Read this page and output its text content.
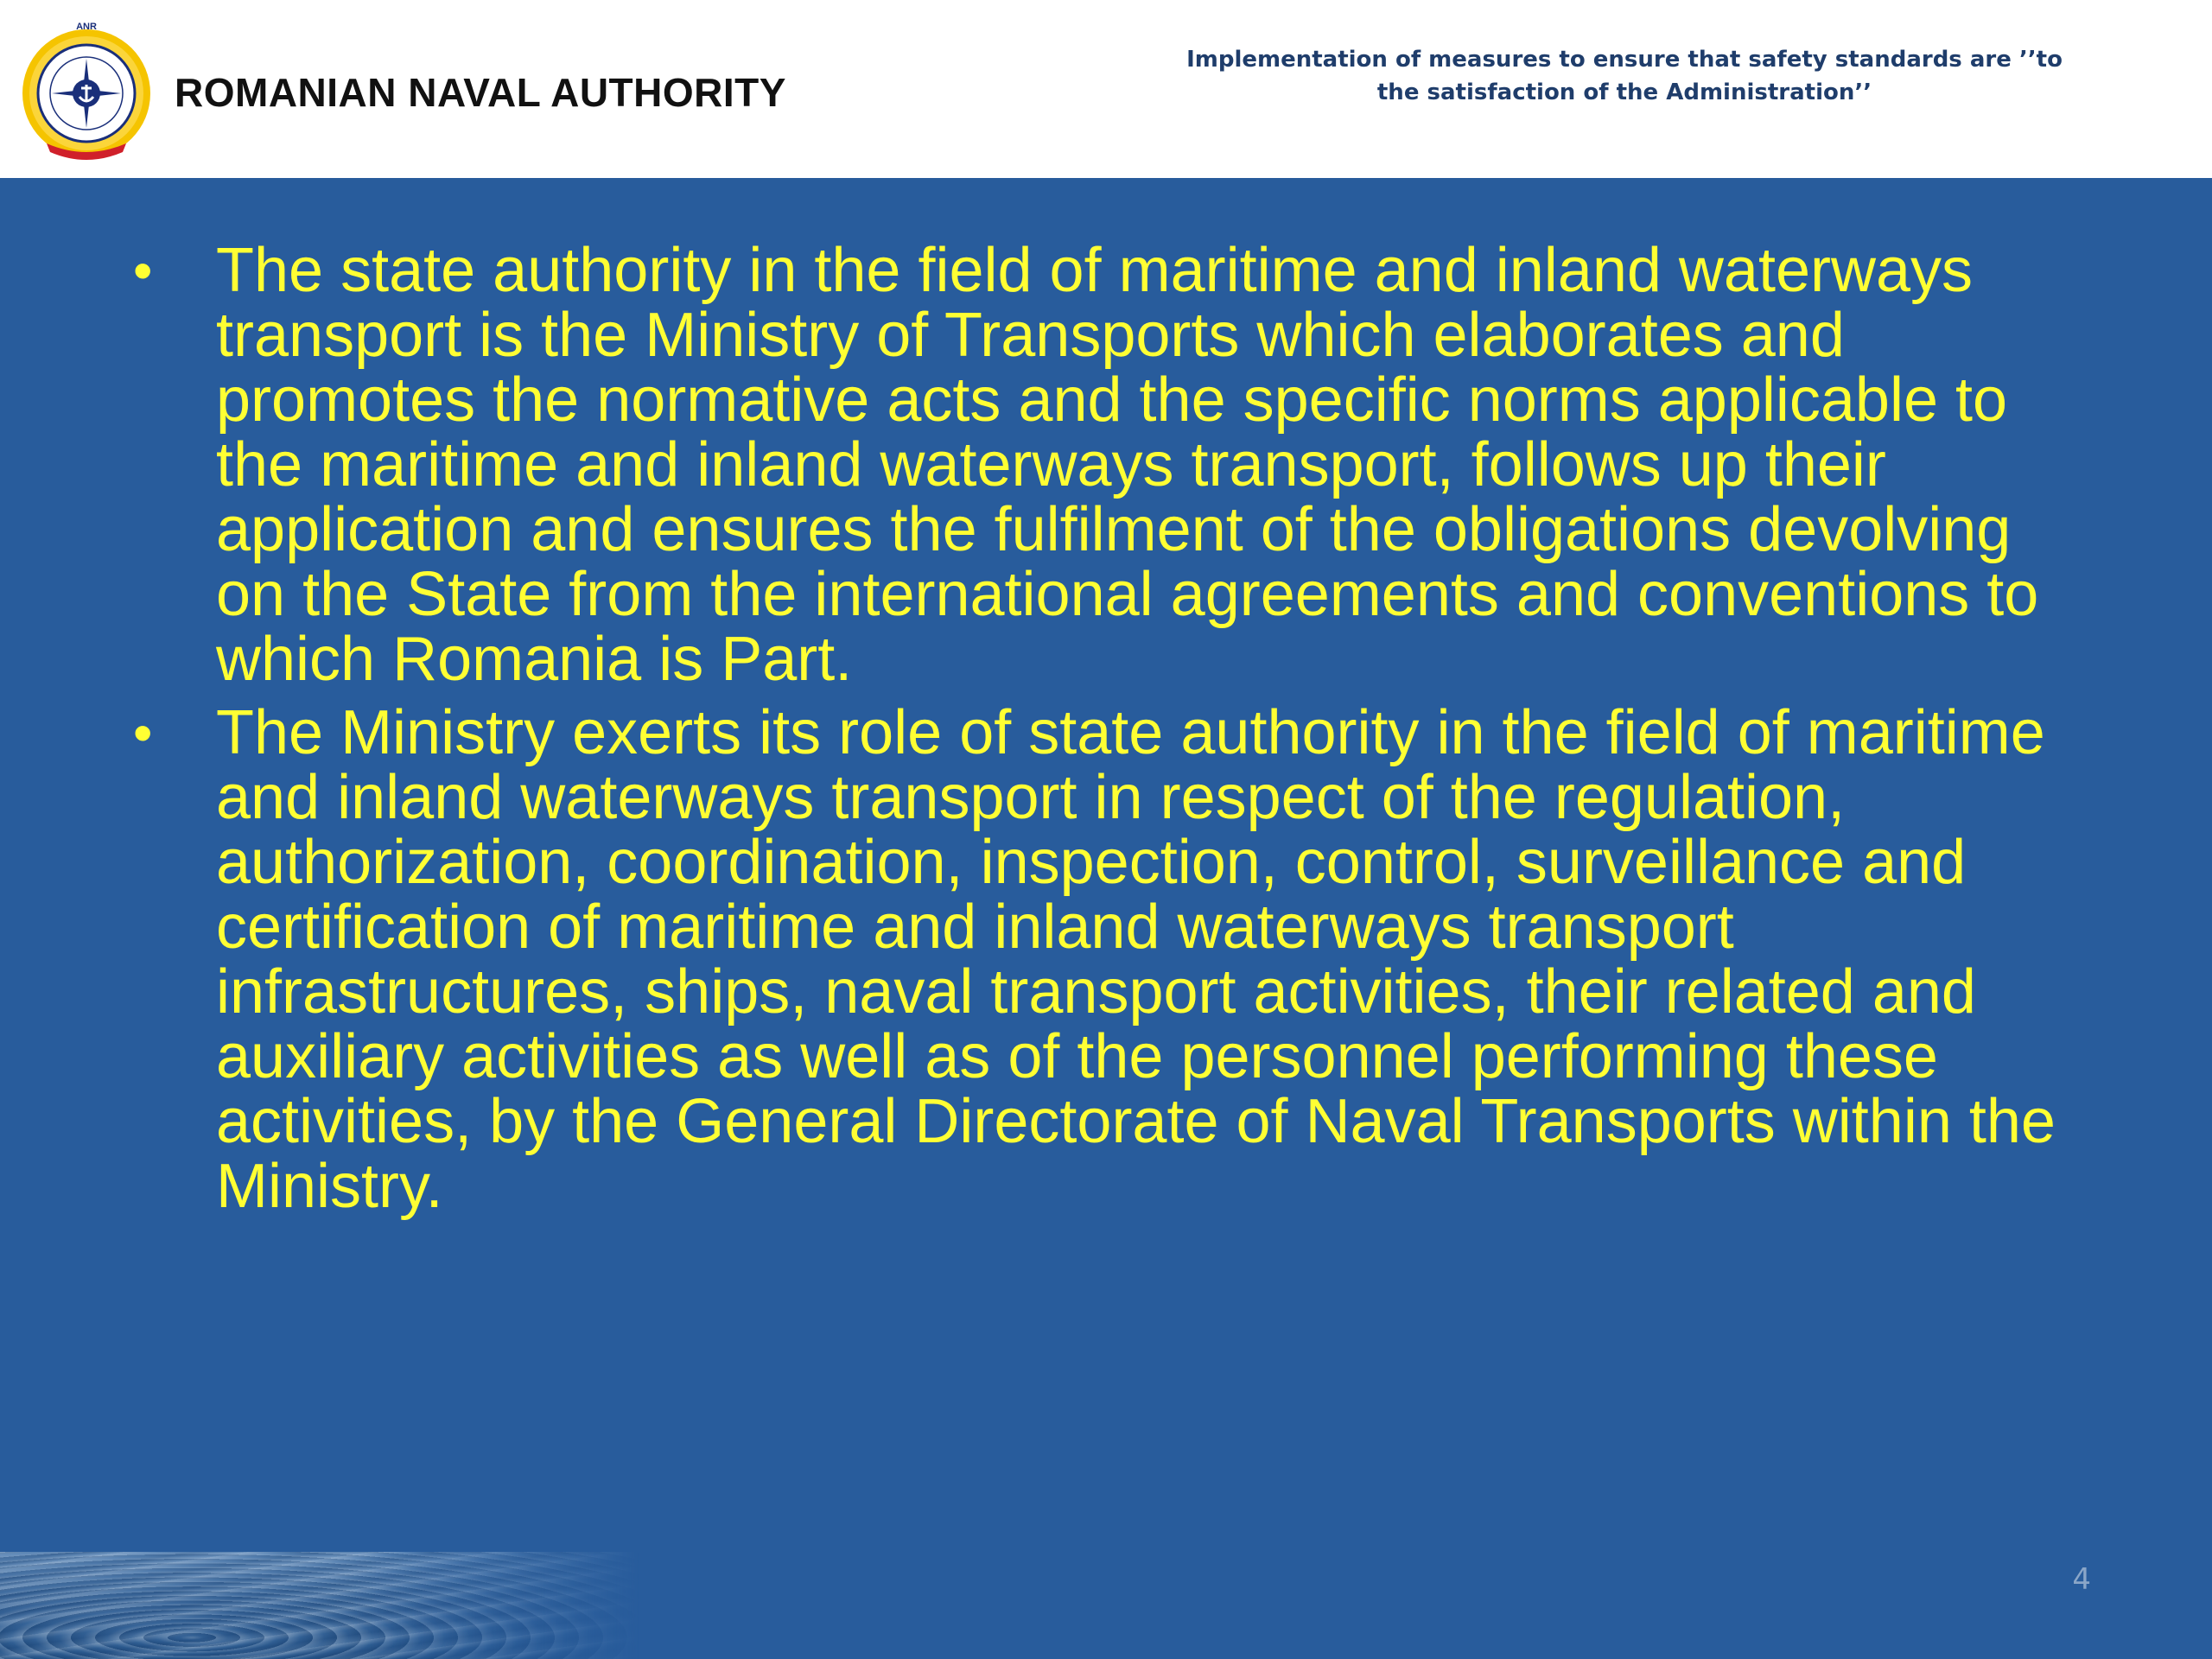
ANR
ROMANIAN NAVAL AUTHORITY
Implementation of measures to ensure that safety standards are ’’to the satisfaction of the Administration’’
• The state authority in the field of maritime and inland waterways transport is the Ministry of Transports which elaborates and promotes the normative acts and the specific norms applicable to the maritime and inland waterways transport, follows up their application and ensures the fulfilment of the obligations devolving on the State from the international agreements and conventions to which Romania is Part.
• The Ministry exerts its role of state authority in the field of maritime and inland waterways transport in respect of the regulation, authorization, coordination, inspection, control, surveillance and certification of maritime and inland waterways transport infrastructures, ships, naval transport activities, their related and auxiliary activities as well as of the personnel performing these activities, by the General Directorate of Naval Transports within the Ministry.
4
